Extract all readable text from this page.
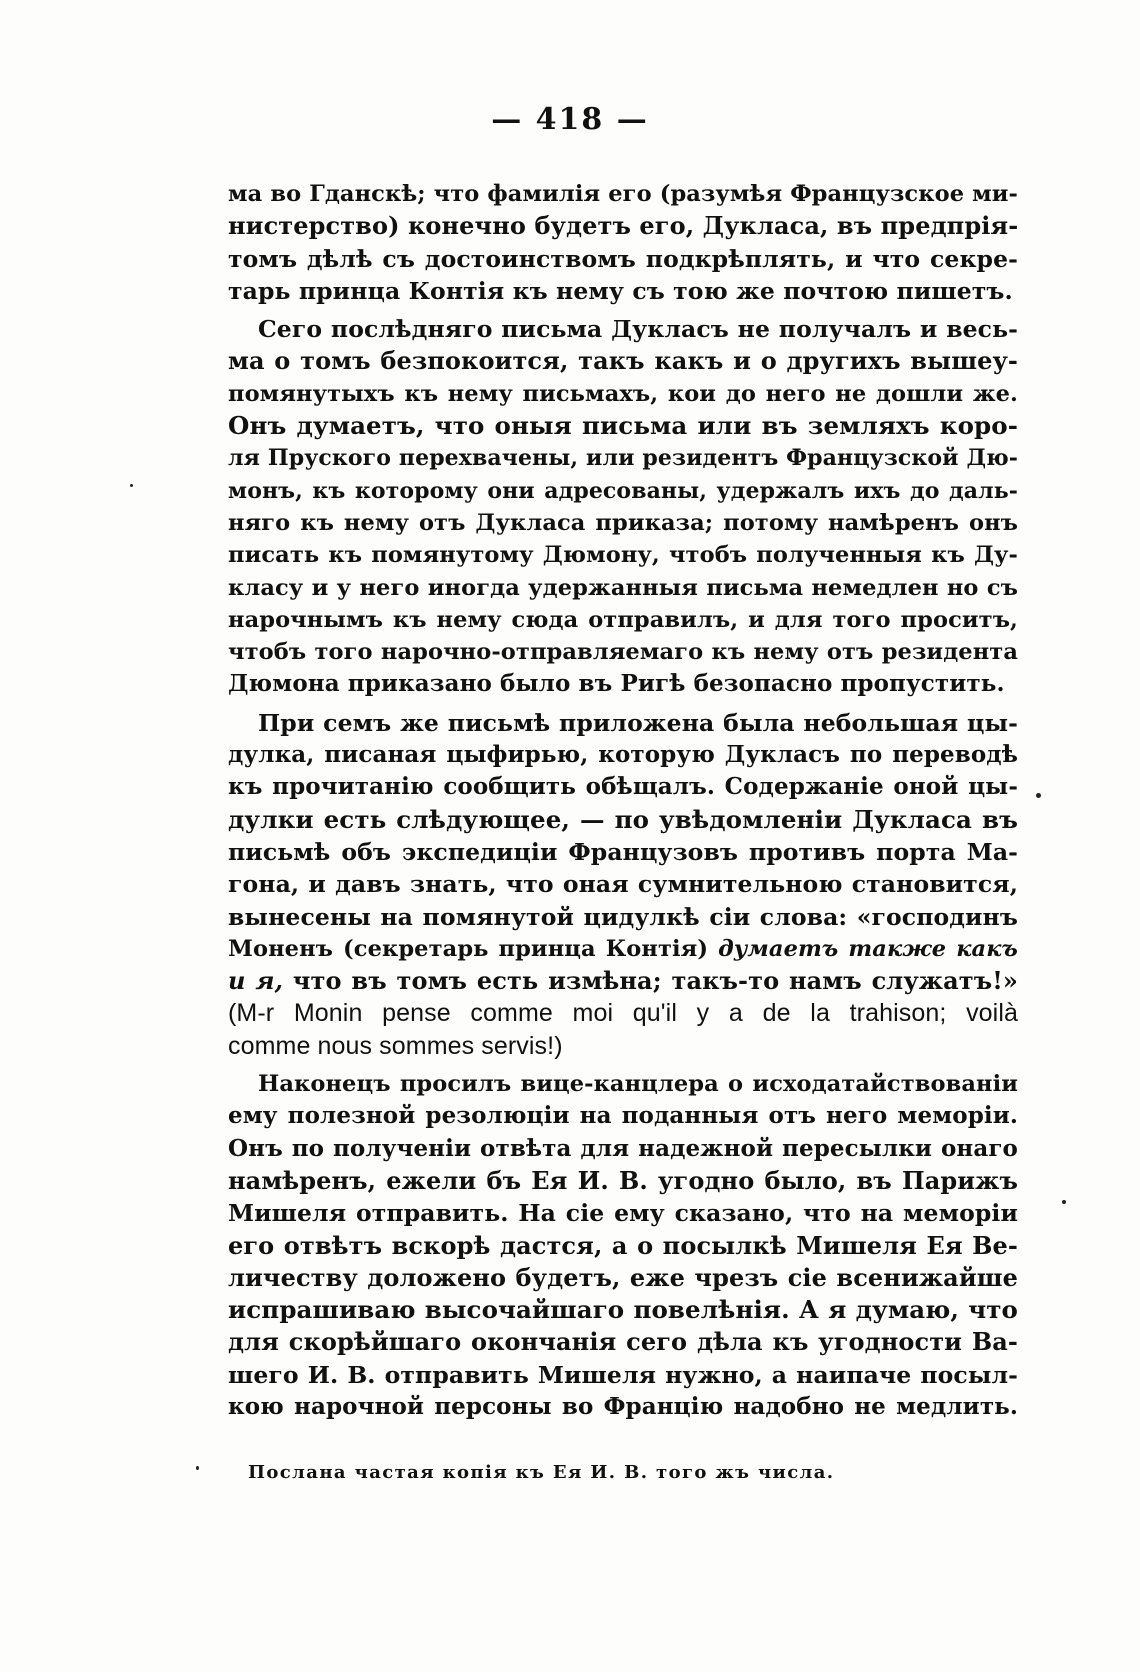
— 418 —
ма во Гданскѣ; что фамилія его (разумѣя Французское ми-
нистерство) конечно будетъ его, Дукласа, въ предпрія-
томъ дѣлѣ съ достоинствомъ подкрѣплять, и что секре-
тарь принца Контія къ нему съ тою же почтою пишетъ.
Сего послѣдняго письма Дукласъ не получалъ и весь-
ма о томъ безпокоится, такъ какъ и о другихъ вышеу-
помянутыхъ къ нему письмахъ, кои до него не дошли же.
Онъ думаетъ, что оныя письма или въ земляхъ коро-
ля Пруского перехвачены, или резидентъ Французской Дю-
монъ, къ которому они адресованы, удержалъ ихъ до даль-
няго къ нему отъ Дукласа приказа; потому намѣренъ онъ
писать къ помянутому Дюмону, чтобъ полученныя къ Ду-
класу и у него иногда удержанныя письма немедлен но съ
нарочнымъ къ нему сюда отправилъ, и для того проситъ,
чтобъ того нарочно-отправляемаго къ нему отъ резидента
Дюмона приказано было въ Ригѣ безопасно пропустить.
При семъ же письмѣ приложена была небольшая цы-
дулка, писаная цыфирью, которую Дукласъ по переводѣ
къ прочитанію сообщить обѣщалъ. Содержаніе оной цы-
дулки есть слѣдующее, — по увѣдомленіи Дукласа въ
письмѣ объ экспедиціи Французовъ противъ порта Ма-
гона, и давъ знать, что оная сумнительною становится,
вынесены на помянутой цидулкѣ сіи слова: «господинъ
Моненъ (секретарь принца Контія) думаетъ также какъ
и я, что въ томъ есть измѣна; такъ-то намъ служатъ!»
(M-r Monin pense comme moi qu'il y a de la trahison; voilà
comme nous sommes servis!)
Наконецъ просилъ вице-канцлера о исходатайствованіи
ему полезной резолюціи на поданныя отъ него меморіи.
Онъ по полученіи отвѣта для надежной пересылки онаго
намѣренъ, ежели бъ Ея И. В. угодно было, въ Парижъ
Мишеля отправить. На сіе ему сказано, что на меморіи
его отвѣтъ вскорѣ дастся, а о посылкѣ Мишеля Ея Ве-
личеству доложено будетъ, еже чрезъ сіе всенижайше
испрашиваю высочайшаго повелѣнія. А я думаю, что
для скорѣйшаго окончанія сего дѣла къ угодности Ва-
шего И. В. отправить Мишеля нужно, а наипаче посыл-
кою нарочной персоны во Францію надобно не медлить.
Послана частая копія къ Ея И. В. того жъ числа.
